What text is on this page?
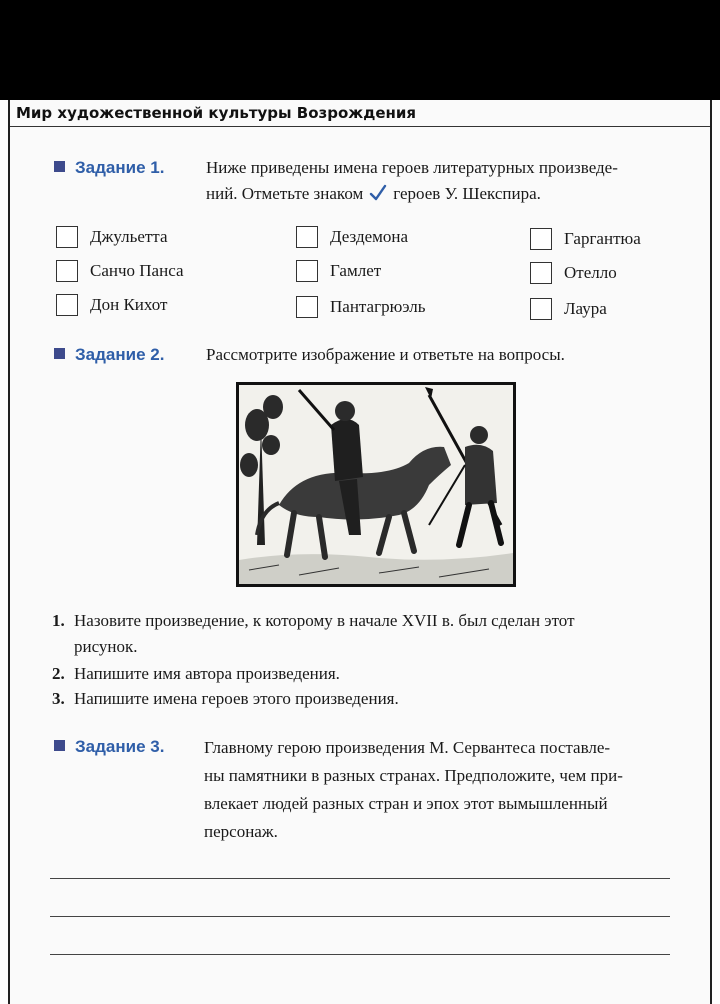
Мир художественной культуры Возрождения
Задание 1. Ниже приведены имена героев литературных произведе-
ний. Отметьте знаком героев У. Шекспира.
Джульетта	Дездемона	Гаргантюа
Санчо Панса	Гамлет	Отелло
Дон Кихот	Пантагрюэль	Лаура
Задание 2. Рассмотрите изображение и ответьте на вопросы.
1. Назовите произведение, к которому в начале XVII в. был сделан этот
рисунок.
2. Напишите имя автора произведения.
3. Напишите имена героев этого произведения.
Задание 3. Главному герою произведения М. Сервантеса поставле-
ны памятники в разных странах. Предположите, чем при-
влекает людей разных стран и эпох этот вымышленный
персонаж.
